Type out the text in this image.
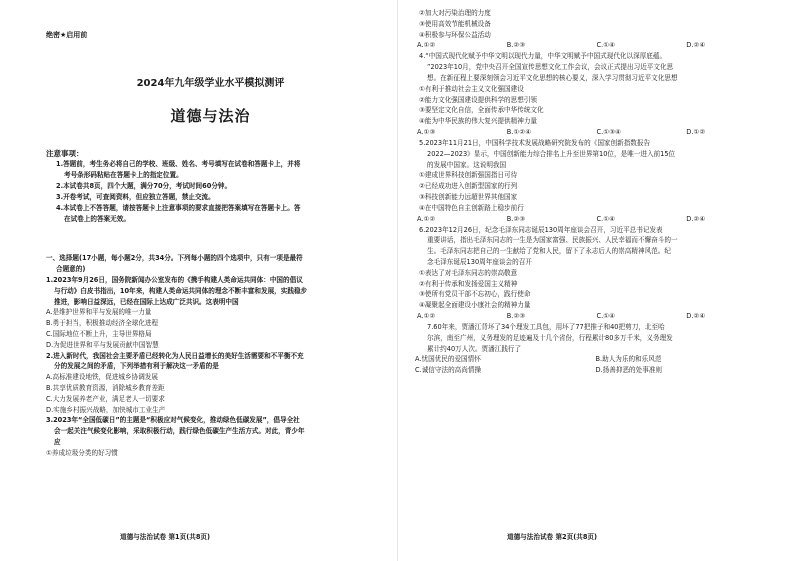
绝密★启用前
2024年九年级学业水平模拟测评
道德与法治
注意事项：
1.答题前，考生务必将自己的学校、班级、姓名、考号填写在试卷和答题卡上，并将
考号条形码粘贴在答题卡上的指定位置。
2.本试卷共8页，四个大题，满分70分，考试时间60分钟。
3.开卷考试，可查阅资料，但应独立答题，禁止交流。
4.本试卷上不答答题，请按答题卡上注意事项的要求直接把答案填写在答题卡上。答
在试卷上的答案无效。
一、选择题(17小题，每小题2分，共34分。下列每小题的四个选项中，只有一项是最符
合题意的)
1.2023年9月26日，国务院新闻办公室发布的《携手构建人类命运共同体：中国的倡议
与行动》白皮书指出，10年来，构建人类命运共同体的理念不断丰富和发展，实践稳步
推进，影响日益深远，已经在国际上达成广泛共识。这表明中国
A.是维护世界和平与发展的唯一力量
B.勇于担当，积极推动经济全球化进程
C.国际地位不断上升，主导世界格局
D.为促进世界和平与发展贡献中国智慧
2.进入新时代，我国社会主要矛盾已经转化为人民日益增长的美好生活需要和不平衡不充
分的发展之间的矛盾，下列举措有利于解决这一矛盾的是
A.高标准建设地铁，促进城乡协调发展
B.共享优质教育资源，消除城乡教育差距
C.大力发展养老产业，满足老人一切要求
D.实施乡村振兴战略，加快城市工业生产
3.2023年“全国低碳日”的主题是“积极应对气候变化，推动绿色低碳发展”，倡导全社
会一起关注气候变化影响，采取积极行动，践行绿色低碳生产生活方式。对此，青少年
应
①养成垃圾分类的好习惯
道德与法治试卷 第1页(共8页)
②加大对污染治理的力度
③使用高效节能机械设备
④积极参与环保公益活动
A.①②	B.②③	C.①④	D.②④
4.“中国式现代化赋予中华文明以现代力量，中华文明赋予中国式现代化以深厚底蕴。
”2023年10月，党中央召开全国宣传思想文化工作会议，会议正式提出习近平文化思
想。在新征程上要深刻领会习近平文化思想的核心要义，深入学习贯彻习近平文化思想
①有利于推动社会主义文化强国建设
②能力文化强国建设提供科学的思想引领
③要坚定文化自信，全面传承中华传统文化
④能为中华民族的伟大复兴提供精神力量
A.①③	B.①②④	C.①③④	D.①②
5.2023年11月21日，中国科学技术发展战略研究院发布的《国家创新指数报告
2022—2023》显示，中国创新能力综合排名上升至世界第10位，是唯一进入前15位
的发展中国家。这说明我国
①建成世界科技创新强国指日可待
②已经成功进入创新型国家的行列
③科技创新能力远超世界其他国家
④在中国特色自主创新路上稳步前行
A.①②	B.②③	C.①④	D.②④
6.2023年12月26日，纪念毛泽东同志诞辰130周年座谈会召开，习近平总书记发表
重要讲话，指出毛泽东同志的一生是为国家富强、民族振兴、人民幸福而不懈奋斗的一
生。毛泽东同志把自己的一生献给了党和人民，留下了永志后人的崇高精神风范。纪
念毛泽东诞辰130周年座谈会的召开
①表达了对毛泽东同志的崇高敬意
②有利于传承和发扬爱国主义精神
③使所有党员干部不忘初心，践行使命
④凝聚起全面建设小康社会的精神力量
A.①②	B.②③	C.①④	D.②④
7.60年来，贾潘江背坏了34个理发工具包，用坏了77把推子和40把剪刀，北至哈
尔滨，南至广州，义务理发的足迹遍及十几个省份，行程累计80多万千米，义务理发
累计约40万人次。贾潘江践行了
A.忧国优民的爱国情怀	B.助人为乐的和乐风范
C.诚信守法的高尚情操	D.扬善抑恶的处事准则
道德与法治试卷 第2页(共8页)
